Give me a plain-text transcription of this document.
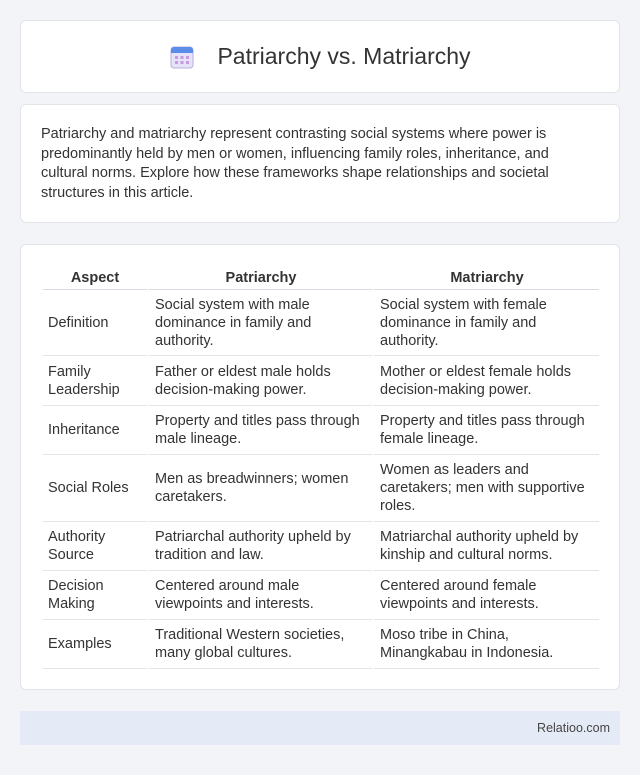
Patriarchy vs. Matriarchy

Patriarchy and matriarchy represent contrasting social systems where power is predominantly held by men or women, influencing family roles, inheritance, and cultural norms. Explore how these frameworks shape relationships and societal structures in this article.

Aspect	Patriarchy	Matriarchy
Definition	Social system with male dominance in family and authority.	Social system with female dominance in family and authority.
Family Leadership	Father or eldest male holds decision-making power.	Mother or eldest female holds decision-making power.
Inheritance	Property and titles pass through male lineage.	Property and titles pass through female lineage.
Social Roles	Men as breadwinners; women caretakers.	Women as leaders and caretakers; men with supportive roles.
Authority Source	Patriarchal authority upheld by tradition and law.	Matriarchal authority upheld by kinship and cultural norms.
Decision Making	Centered around male viewpoints and interests.	Centered around female viewpoints and interests.
Examples	Traditional Western societies, many global cultures.	Moso tribe in China, Minangkabau in Indonesia.
Relatioo.com
